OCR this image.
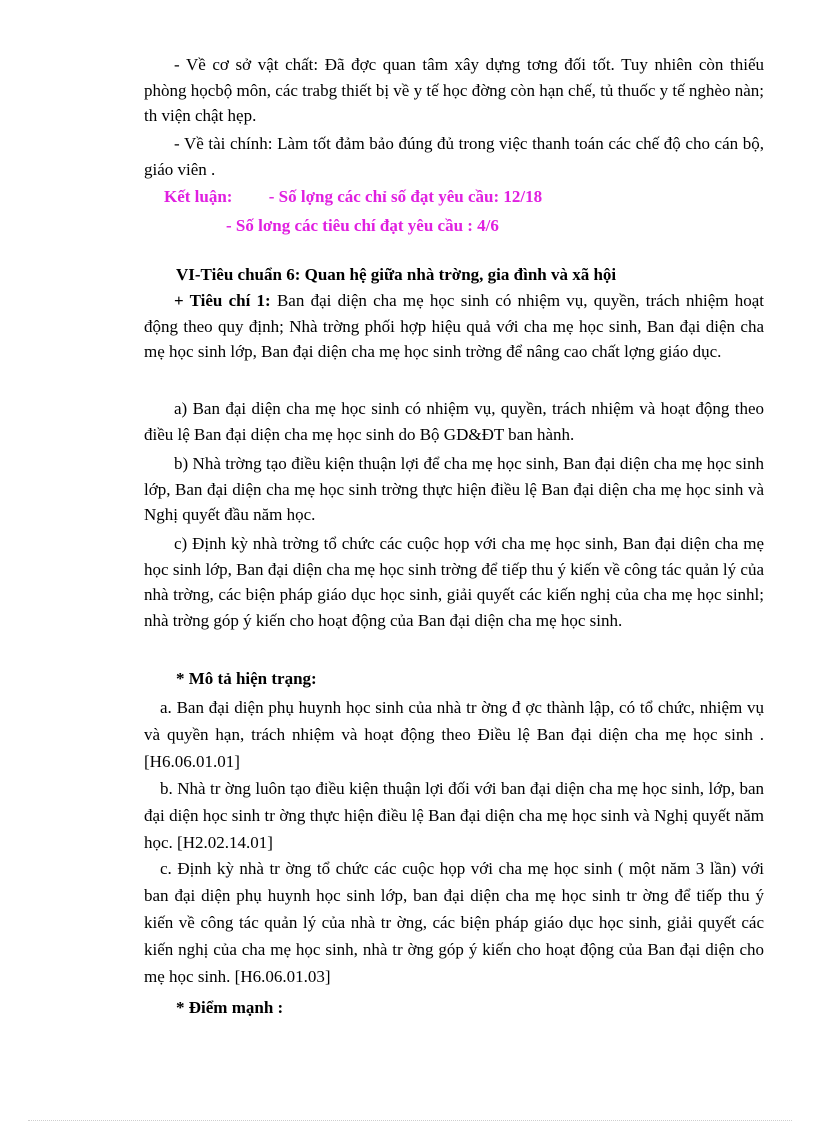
- Về cơ sở vật chất: Đã đợc quan tâm xây dựng tơng đối tốt. Tuy nhiên còn thiếu phòng họcbộ môn, các trabg thiết bị về y tế học đờng còn hạn chế, tủ thuốc y tế nghèo nàn; th viện chật hẹp.
- Về tài chính: Làm tốt đảm bảo đúng đủ trong việc thanh toán các chế độ cho cán bộ, giáo viên .
Kết luận: - Số lợng các chỉ số đạt yêu cầu: 12/18
- Số lơng các tiêu chí đạt yêu cầu : 4/6
VI-Tiêu chuẩn 6: Quan hệ giữa nhà trờng, gia đình và xã hội
+ Tiêu chí 1: Ban đại diện cha mẹ học sinh có nhiệm vụ, quyền, trách nhiệm hoạt động theo quy định; Nhà trờng phối hợp hiệu quả với cha mẹ học sinh, Ban đại diện cha mẹ học sinh lớp, Ban đại diện cha mẹ học sinh trờng để nâng cao chất lợng giáo dục.
a) Ban đại diện cha mẹ học sinh có nhiệm vụ, quyền, trách nhiệm và hoạt động theo điều lệ Ban đại diện cha mẹ học sinh do Bộ GD&ĐT ban hành.
b) Nhà trờng tạo điều kiện thuận lợi để cha mẹ học sinh, Ban đại diện cha mẹ học sinh lớp, Ban đại diện cha mẹ học sinh trờng thực hiện điều lệ Ban đại diện cha mẹ học sinh và Nghị quyết đầu năm học.
c) Định kỳ nhà trờng tổ chức các cuộc họp với cha mẹ học sinh, Ban đại diện cha mẹ học sinh lớp, Ban đại diện cha mẹ học sinh trờng để tiếp thu ý kiến về công tác quản lý của nhà trờng, các biện pháp giáo dục học sinh, giải quyết các kiến nghị của cha mẹ học sinhl; nhà trờng góp ý kiến cho hoạt động của Ban đại diện cha mẹ học sinh.
* Mô tả hiện trạng:
a. Ban đại diện phụ huynh học sinh của nhà tr ờng đ ợc thành lập, có tổ chức, nhiệm vụ và quyền hạn, trách nhiệm và hoạt động theo Điều lệ Ban đại diện cha mẹ học sinh . [H6.06.01.01]
b. Nhà tr ờng luôn tạo điều kiện thuận lợi đối với ban đại diện cha mẹ học sinh, lớp, ban đại diện học sinh tr ờng thực hiện điều lệ Ban đại diện cha mẹ học sinh và Nghị quyết năm học. [H2.02.14.01]
c. Định kỳ nhà tr ờng tổ chức các cuộc họp với cha mẹ học sinh ( một năm 3 lần) với ban đại diện phụ huynh học sinh lớp, ban đại diện cha mẹ học sinh tr ờng để tiếp thu ý kiến về công tác quản lý của nhà tr ờng, các biện pháp giáo dục học sinh, giải quyết các kiến nghị của cha mẹ học sinh, nhà tr ờng góp ý kiến cho hoạt động của Ban đại diện cho mẹ học sinh. [H6.06.01.03]
* Điểm mạnh :
